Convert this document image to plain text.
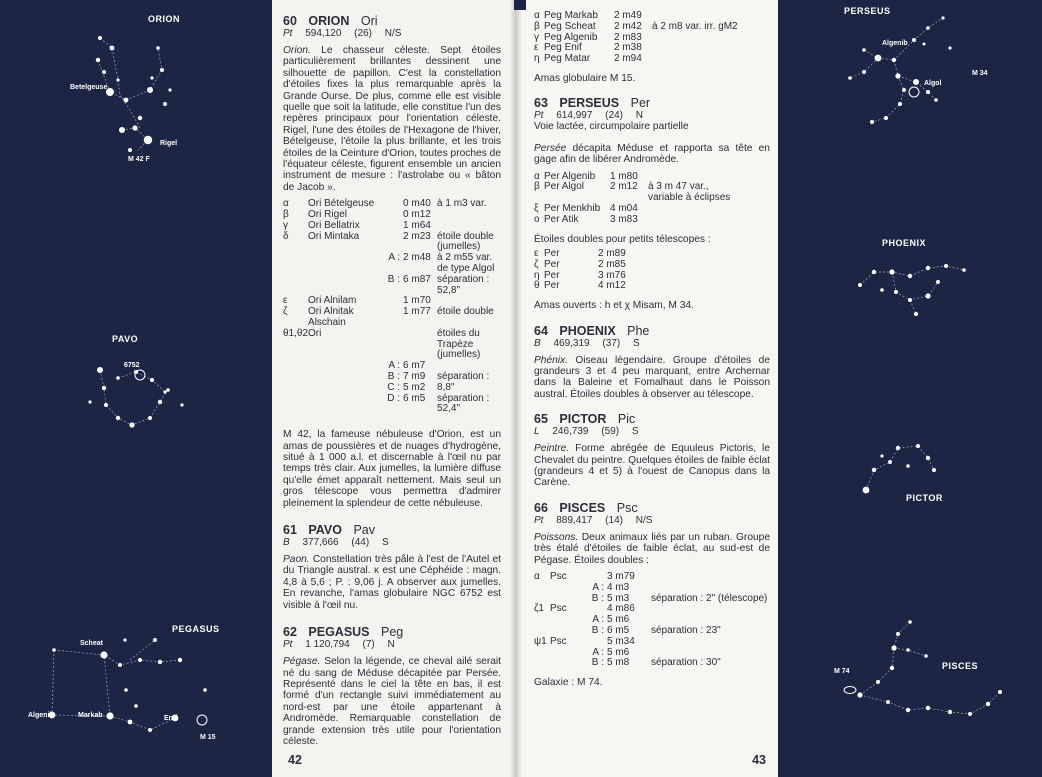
ORION
Betelgeuse
Rigel
M 42 F
PAVO
6752
PEGASUS
Scheat
Algenib	Markab	Enif
M 15
60 ORION Ori
Pt 594,120 (26) N/S

Orion. Le chasseur céleste. Sept étoiles particulièrement brillantes dessinent une silhouette de papillon. C'est la constellation d'étoiles fixes la plus remarquable après la Grande Ourse. De plus, comme elle est visible quelle que soit la latitude, elle constitue l'un des repères principaux pour l'orientation céleste. Rigel, l'une des étoiles de l'Hexagone de l'hiver, Bételgeuse, l'étoile la plus brillante, et les trois étoiles de la Ceinture d'Orion, toutes proches de l'équateur céleste, figurent ensemble un ancien instrument de mesure : l'astrolabe ou « bâton de Jacob ».

α	Ori Bételgeuse		0 m40	à 1 m3 var.
β	Ori Rigel		0 m12	
γ	Ori Bellatrix		1 m64	
δ	Ori Mintaka		2 m23	étoile double (jumelles)
		A :	2 m48	à 2 m55 var. de type Algol
		B :	6 m87	séparation : 52,8"
ε	Ori Alnilam		1 m70	
ζ	Ori Alnitak Alschain		1 m77	étoile double
θ1,θ2	Ori			étoiles du Trapèze (jumelles)
		A :	6 m7	
		B :	7 m9	séparation :
		C :	5 m2	8,8"
		D :	6 m5	séparation : 52,4"

M 42, la fameuse nébuleuse d'Orion, est un amas de poussières et de nuages d'hydrogène, situé à 1 000 a.l. et discernable à l'œil nu par temps très clair. Aux jumelles, la lumière diffuse qu'elle émet apparaît nettement. Mais seul un gros télescope vous permettra d'admirer pleinement la splendeur de cette nébuleuse.

61 PAVO Pav
B 377,666 (44) S

Paon. Constellation très pâle à l'est de l'Autel et du Triangle austral. κ est une Céphéide : magn. 4,8 à 5,6 ; P. : 9,06 j. A observer aux jumelles. En revanche, l'amas globulaire NGC 6752 est visible à l'œil nu.

62 PEGASUS Peg
Pt 1 120,794 (7) N

Pégase. Selon la légende, ce cheval ailé serait né du sang de Méduse décapitée par Persée. Représenté dans le ciel la tête en bas, il est formé d'un rectangle suivi immédiatement au nord-est par une étoile appartenant à Andromède. Remarquable constellation de grande extension très utile pour l'orientation céleste.

42
α	Peg Markab	2 m49	
β	Peg Scheat	2 m42	à 2 m8 var. irr. gM2
γ	Peg Algenib	2 m83	
ε	Peg Enif	2 m38	
η	Peg Matar	2 m94	

Amas globulaire M 15.

63 PERSEUS Per
Pt 614,997 (24) N

Voie lactée, circumpolaire partielle

Persée décapita Méduse et rapporta sa tête en gage afin de libérer Andromède.

α	Per Algenib	1 m80	
β	Per Algol	2 m12	à 3 m 47 var., variable à éclipses
ξ	Per Menkhib	4 m04	
ο	Per Atik	3 m83	

Étoiles doubles pour petits télescopes :

ε	Per	2 m89
ζ	Per	2 m85
η	Per	3 m76
θ	Per	4 m12

Amas ouverts : h et χ Misam, M 34.

64 PHOENIX Phe
B 469,319 (37) S

Phénix. Oiseau légendaire. Groupe d'étoiles de grandeurs 3 et 4 peu marquant, entre Archernar dans la Baleine et Fomalhaut dans le Poisson austral. Étoiles doubles à observer au télescope.

65 PICTOR Pic
L 246,739 (59) S

Peintre. Forme abrégée de Equuleus Pictoris, le Chevalet du peintre. Quelques étoiles de faible éclat (grandeurs 4 et 5) à l'ouest de Canopus dans la Carène.

66 PISCES Psc
Pt 889,417 (14) N/S

Poissons. Deux animaux liés par un ruban. Groupe très étalé d'étoiles de faible éclat, au sud-est de Pégase. Étoiles doubles :

α	Psc		3 m79	
		A :	4 m3	
		B :	5 m3	séparation : 2" (télescope)
ζ1	Psc		4 m86	
		A :	5 m6	
		B :	6 m5	séparation : 23"
ψ1	Psc		5 m34	
		A :	5 m6	
		B :	5 m8	séparation : 30"

Galaxie : M 74.

43
PERSEUS
Algenib
Algol
M 34
PHOENIX
PICTOR
PISCES
M 74
